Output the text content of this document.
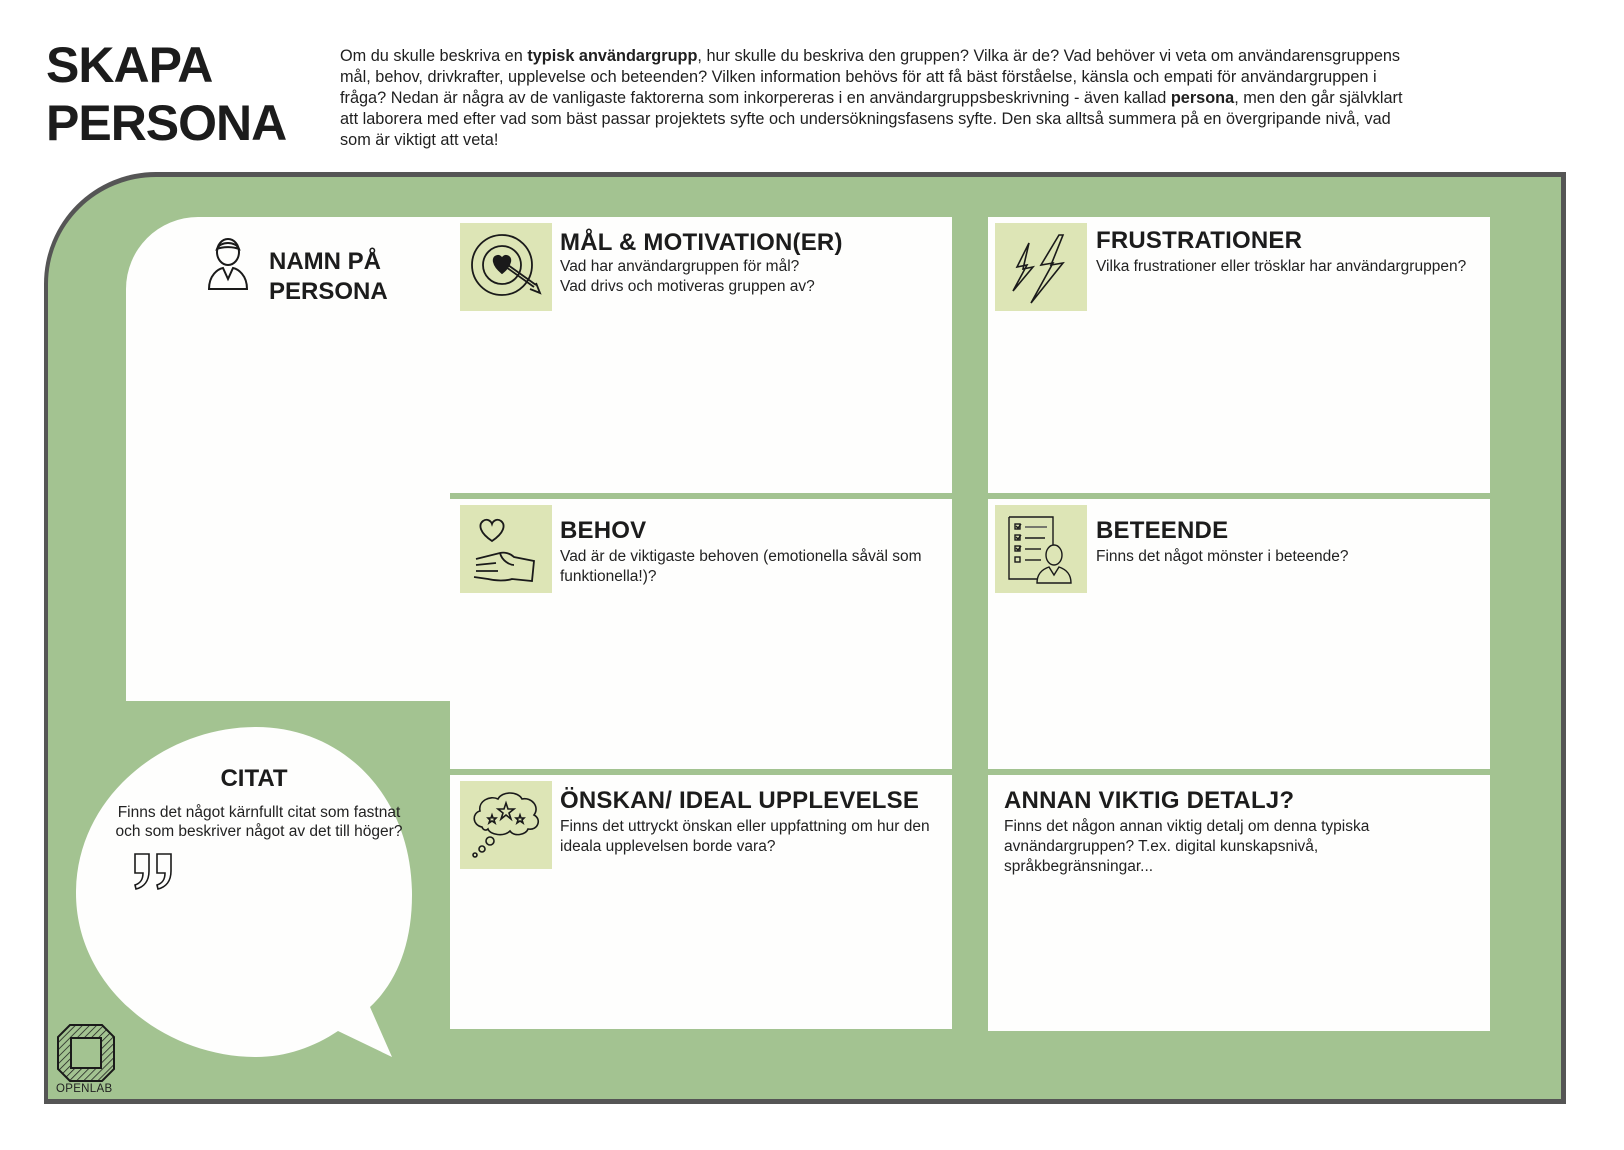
SKAPA
PERSONA

Om du skulle beskriva en typisk användargrupp, hur skulle du beskriva den gruppen? Vilka är de? Vad behöver vi veta om användarensgruppens mål, behov, drivkrafter, upplevelse och beteenden? Vilken information behövs för att få bäst förståelse, känsla och empati för användargruppen i fråga? Nedan är några av de vanligaste faktorerna som inkorpereras i en användargruppsbeskrivning - även kallad persona, men den går självklart att laborera med efter vad som bäst passar projektets syfte och undersökningsfasens syfte. Den ska alltså summera på en övergripande nivå, vad som är viktigt att veta!

NAMN PÅ
PERSONA
CITAT

Finns det något kärnfullt citat som fastnat och som beskriver något av det till höger?

MÅL & MOTIVATION(ER)

Vad har användargruppen för mål?
Vad drivs och motiveras gruppen av?

FRUSTRATIONER

Vilka frustrationer eller trösklar har användargruppen?

BEHOV

Vad är de viktigaste behoven (emotionella såväl som funktionella!)?

BETEENDE

Finns det något mönster i beteende?

ÖNSKAN/ IDEAL UPPLEVELSE

Finns det uttryckt önskan eller uppfattning om hur den ideala upplevelsen borde vara?

ANNAN VIKTIG DETALJ?

Finns det någon annan viktig detalj om denna typiska avnändargruppen? T.ex. digital kunskapsnivå, språkbegränsningar...

OPENLAB
